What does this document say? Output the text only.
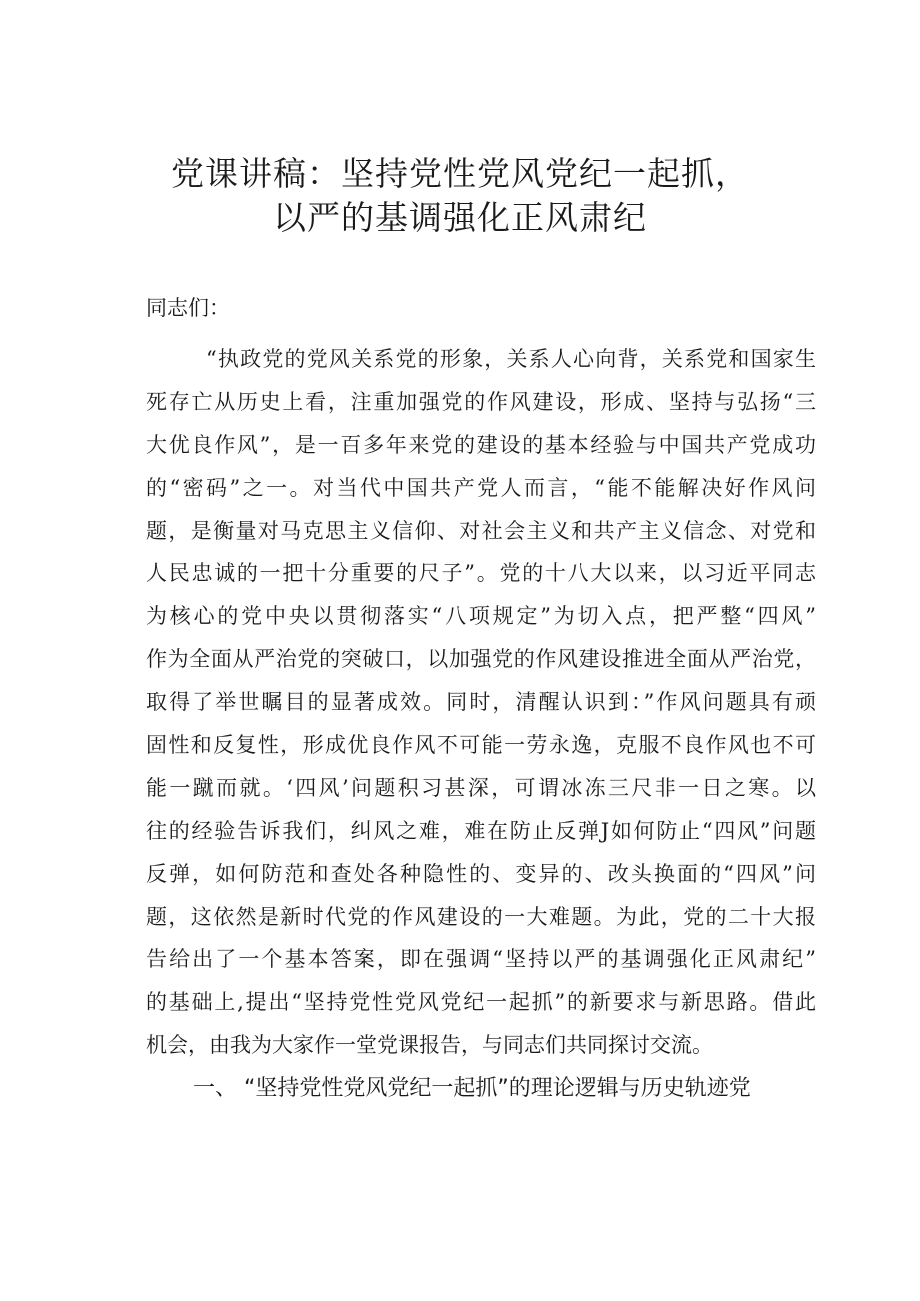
党课讲稿：坚持党性党风党纪一起抓，
以严的基调强化正风肃纪
同志们：
“执政党的党风关系党的形象，关系人心向背，关系党和国家生
死存亡从历史上看，注重加强党的作风建设，形成、坚持与弘扬“三
大优良作风”，是一百多年来党的建设的基本经验与中国共产党成功
的“密码”之一。对当代中国共产党人而言，“能不能解决好作风问
题，是衡量对马克思主义信仰、对社会主义和共产主义信念、对党和
人民忠诚的一把十分重要的尺子”。党的十八大以来，以习近平同志
为核心的党中央以贯彻落实“八项规定”为切入点，把严整“四风”
作为全面从严治党的突破口，以加强党的作风建设推进全面从严治党，
取得了举世瞩目的显著成效。同时，清醒认识到：”作风问题具有顽
固性和反复性，形成优良作风不可能一劳永逸，克服不良作风也不可
能一蹴而就。‘四风’问题积习甚深，可谓冰冻三尺非一日之寒。以
往的经验告诉我们，纠风之难，难在防止反弹J如何防止“四风”问题
反弹，如何防范和查处各种隐性的、变异的、改头换面的“四风”问
题，这依然是新时代党的作风建设的一大难题。为此，党的二十大报
告给出了一个基本答案，即在强调“坚持以严的基调强化正风肃纪”
的基础上,提出“坚持党性党风党纪一起抓”的新要求与新思路。借此
机会，由我为大家作一堂党课报告，与同志们共同探讨交流。
一、 “坚持党性党风党纪一起抓”的理论逻辑与历史轨迹党
